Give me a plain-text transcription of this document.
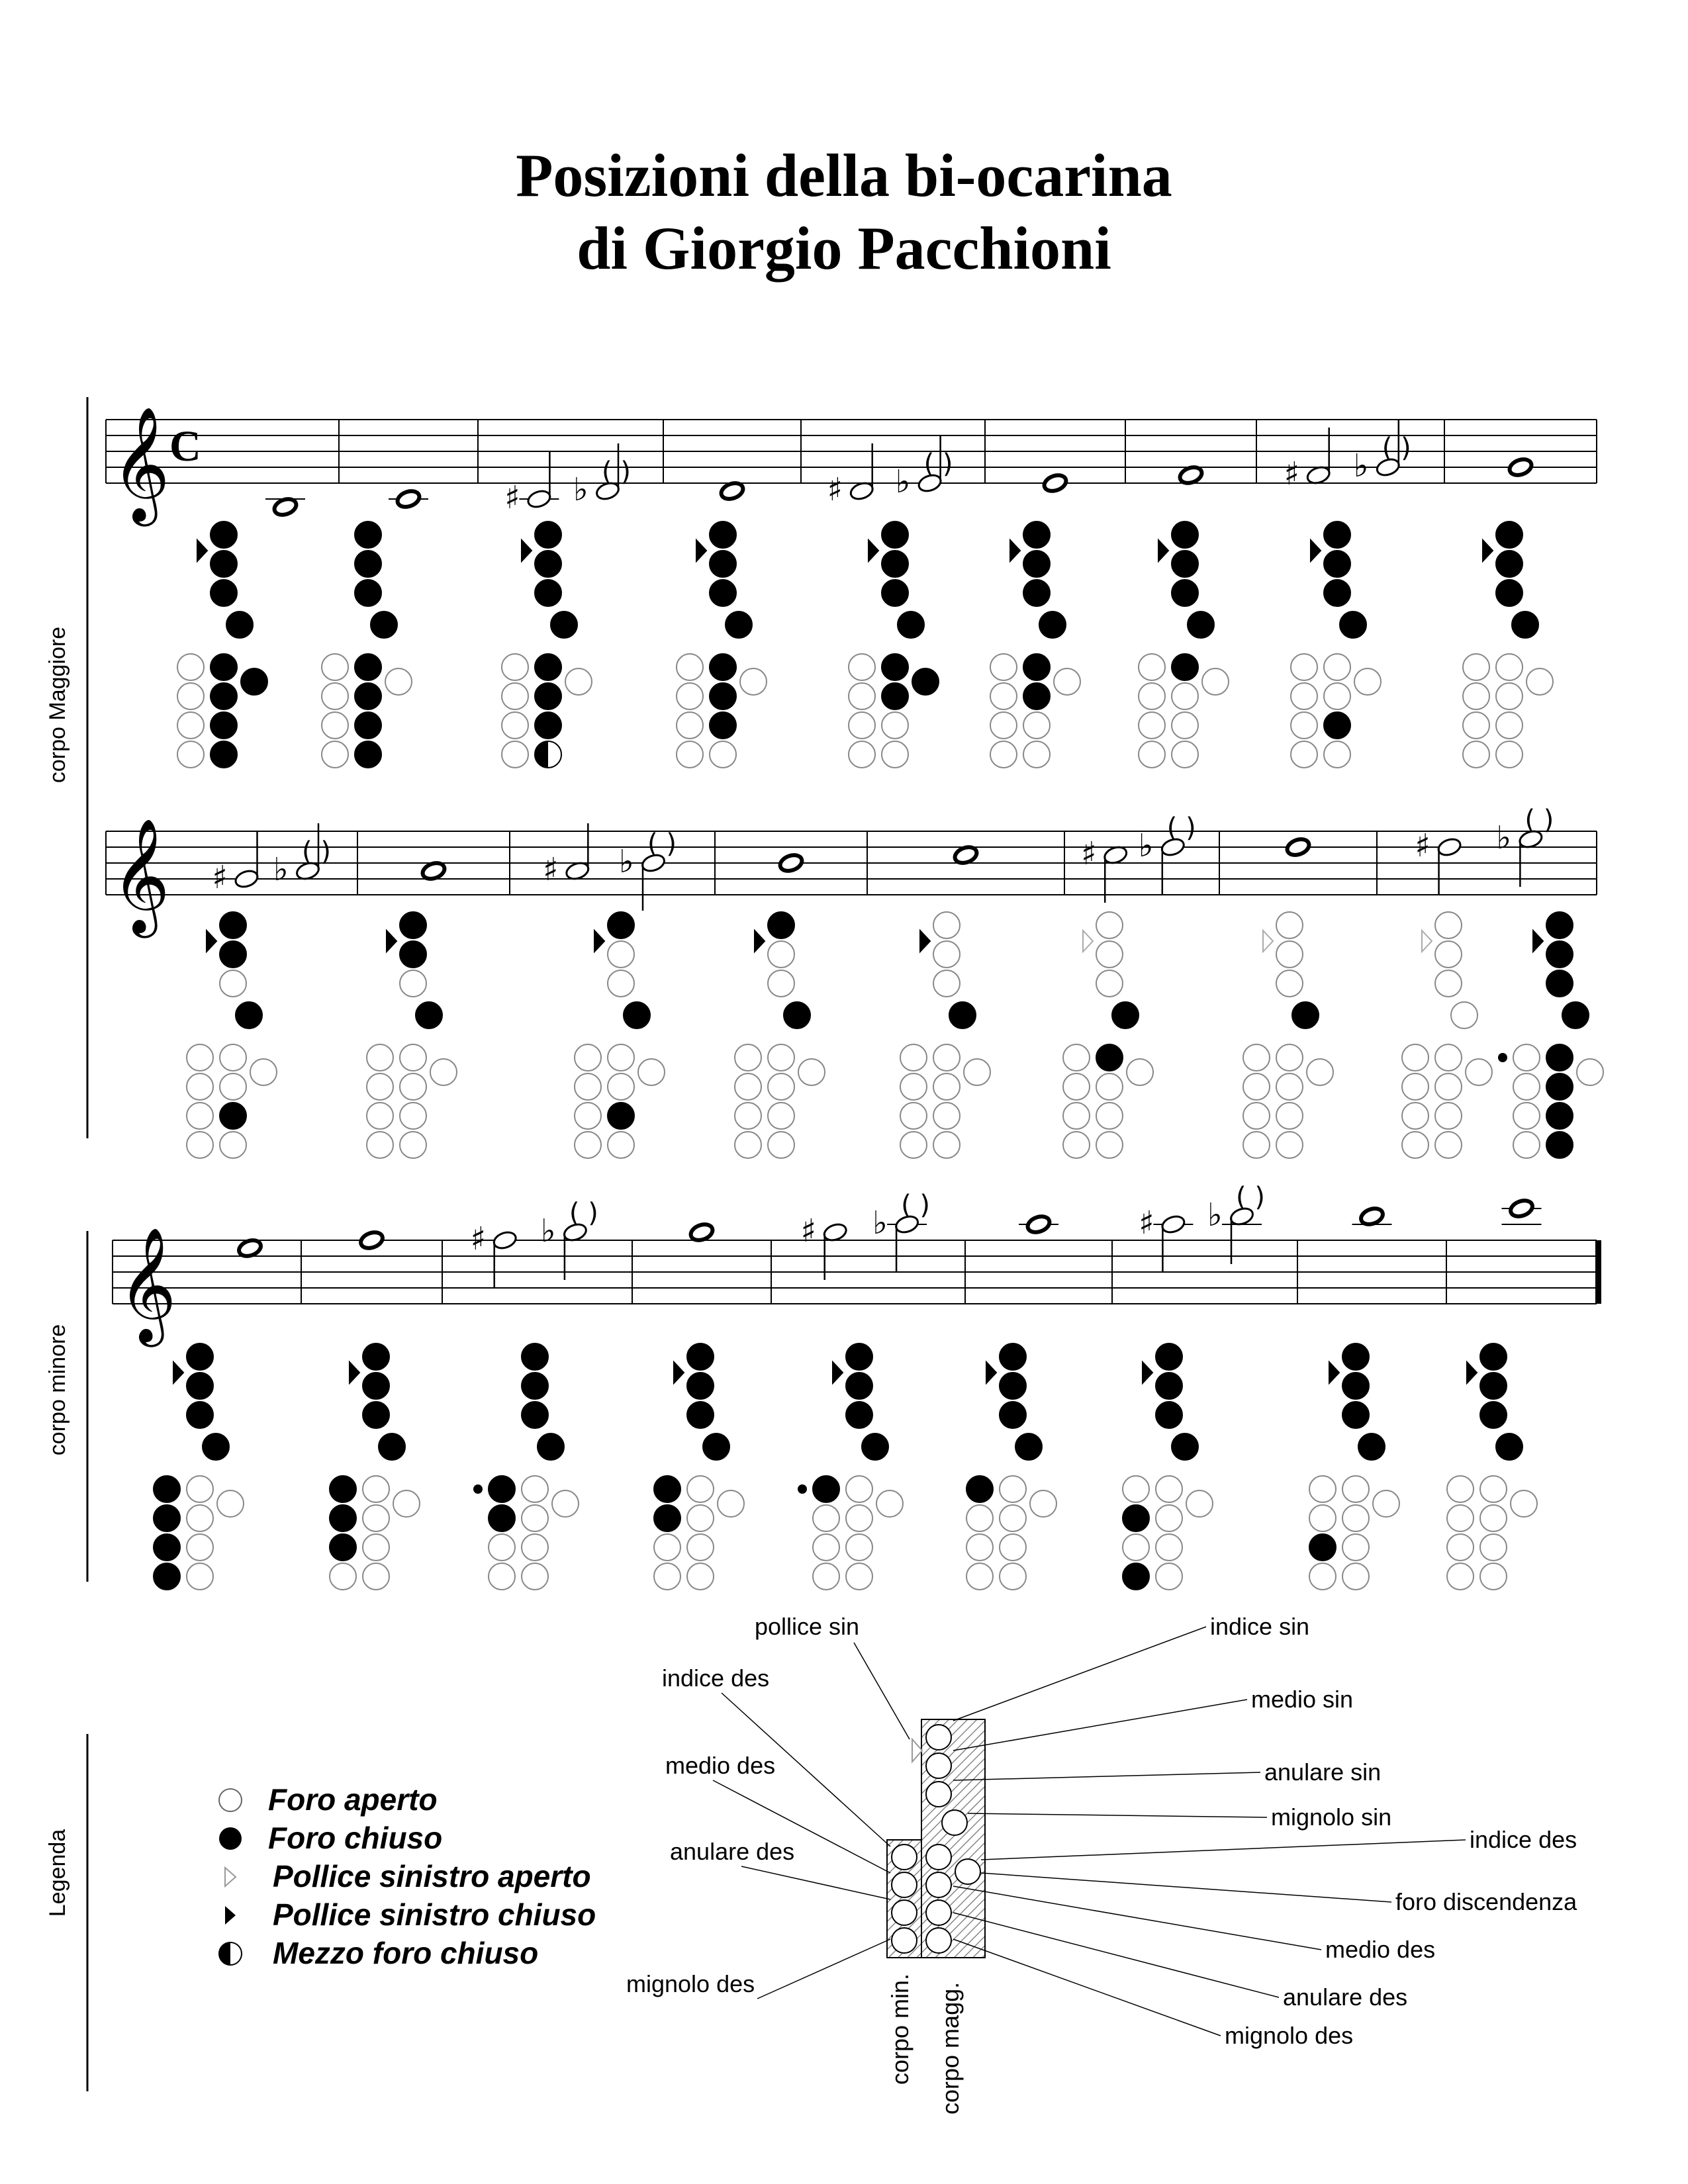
Posizioni della bi-ocarina
di Giorgio Pacchioni
corpo Maggiore
corpo minore
Legenda
𝄞 C
♯ ♭ ( )	♯ ♭ ( )	♯ ♭ ( )
𝄞 ♯ ♭ ( )	♯ ♭ ( )	♯ ♭ ( )	♯ ♭ ( )
𝄞	♯ ♭ ( )	♯ ♭ ( )	♯ ♭ ( )
Foro aperto
Foro chiuso
Pollice sinistro aperto
Pollice sinistro chiuso
Mezzo foro chiuso
indice des
medio des
anulare des
mignolo des
pollice sin	indice sin
medio sin
anulare sin
mignolo sin
indice des
foro discendenza
medio des
anulare des
mignolo des
corpo min. corpo magg.
